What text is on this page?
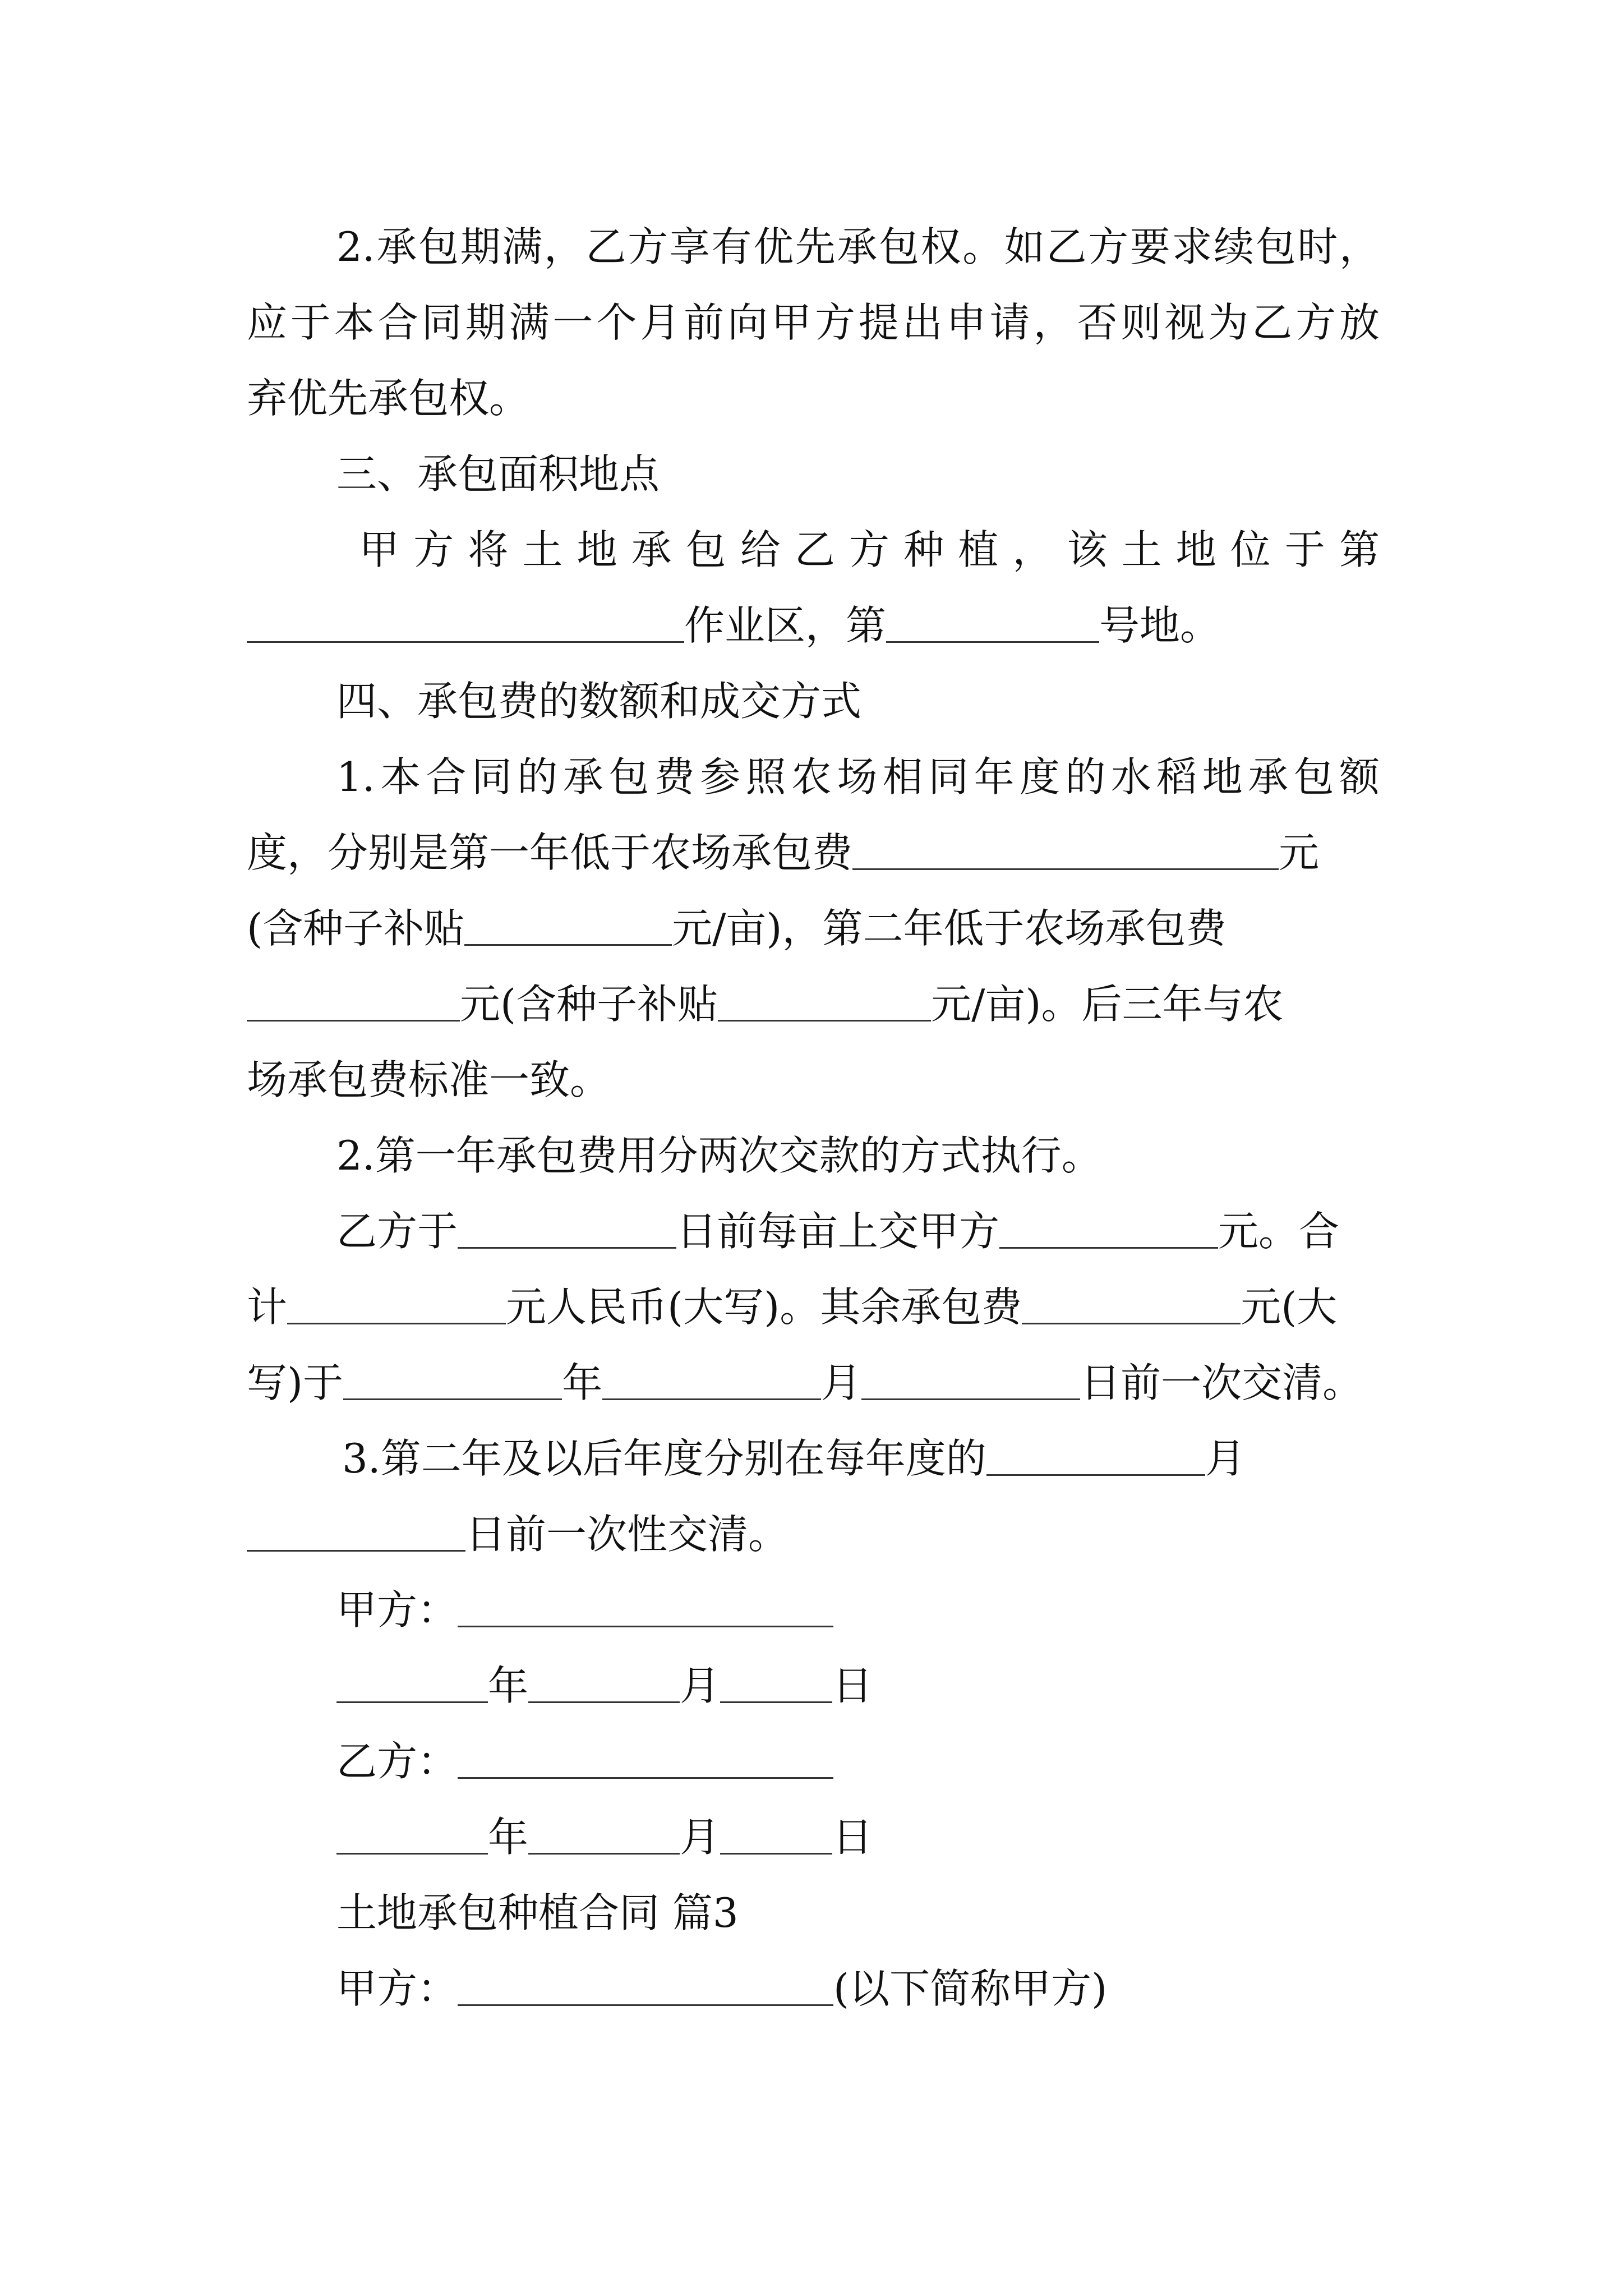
2.承包期满，乙方享有优先承包权。如乙方要求续包时，
应于本合同期满一个月前向甲方提出申请，否则视为乙方放
弃优先承包权。
三、承包面积地点
甲方将土地承包给乙方种植，该土地位于第
作业区，第	号地。
四、承包费的数额和成交方式
1.本合同的承包费参照农场相同年度的水稻地承包额
度，分别是第一年低于农场承包费	元
(含种子补贴	元/亩)，第二年低于农场承包费
元(含种子补贴	元/亩)。后三年与农
场承包费标准一致。
2.第一年承包费用分两次交款的方式执行。
乙方于	日前每亩上交甲方	元。合
计	元人民币(大写)。其余承包费	元(大
写)于	年	月	日前一次交清。
3.第二年及以后年度分别在每年度的	月
日前一次性交清。
甲方：
年	月	日
乙方：
年	月	日
土地承包种植合同 篇3
甲方：	(以下简称甲方)
